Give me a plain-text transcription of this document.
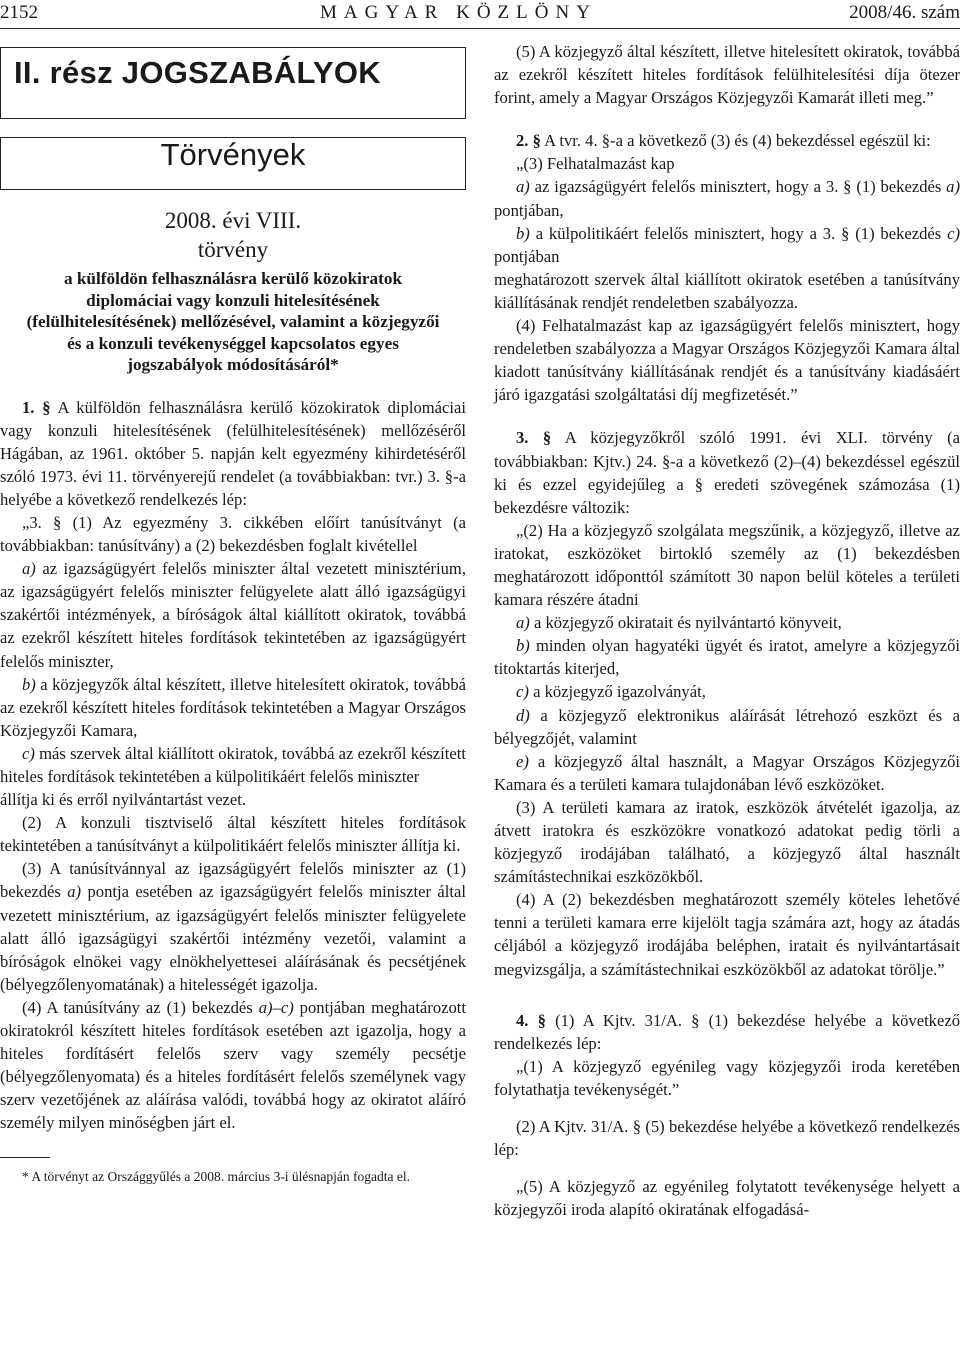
2152	MAGYAR KÖZLÖNY	2008/46. szám
II. rész JOGSZABÁLYOK
Törvények
2008. évi VIII.
törvény
a külföldön felhasználásra kerülő közokiratok diplomáciai vagy konzuli hitelesítésének (felülhitelesítésének) mellőzésével, valamint a közjegyzői és a konzuli tevékenységgel kapcsolatos egyes jogszabályok módosításáról*

1. § A külföldön felhasználásra kerülő közokiratok diplomáciai vagy konzuli hitelesítésének (felülhitelesítésének) mellőzéséről Hágában, az 1961. október 5. napján kelt egyezmény kihirdetéséről szóló 1973. évi 11. törvényerejű rendelet (a továbbiakban: tvr.) 3. §-a helyébe a következő rendelkezés lép:

„3. § (1) Az egyezmény 3. cikkében előírt tanúsítványt (a továbbiakban: tanúsítvány) a (2) bekezdésben foglalt kivétellel

a) az igazságügyért felelős miniszter által vezetett minisztérium, az igazságügyért felelős miniszter felügyelete alatt álló igazságügyi szakértői intézmények, a bíróságok által kiállított okiratok, továbbá az ezekről készített hiteles fordítások tekintetében az igazságügyért felelős miniszter,

b) a közjegyzők által készített, illetve hitelesített okiratok, továbbá az ezekről készített hiteles fordítások tekintetében a Magyar Országos Közjegyzői Kamara,

c) más szervek által kiállított okiratok, továbbá az ezekről készített hiteles fordítások tekintetében a külpolitikáért felelős miniszter

állítja ki és erről nyilvántartást vezet.

(2) A konzuli tisztviselő által készített hiteles fordítások tekintetében a tanúsítványt a külpolitikáért felelős miniszter állítja ki.

(3) A tanúsítvánnyal az igazságügyért felelős miniszter az (1) bekezdés a) pontja esetében az igazságügyért felelős miniszter által vezetett minisztérium, az igazságügyért felelős miniszter felügyelete alatt álló igazságügyi szakértői intézmény vezetői, valamint a bíróságok elnökei vagy elnökhelyettesei aláírásának és pecsétjének (bélyegzőlenyomatának) a hitelességét igazolja.

(4) A tanúsítvány az (1) bekezdés a)–c) pontjában meghatározott okiratokról készített hiteles fordítások esetében azt igazolja, hogy a hiteles fordításért felelős szerv vagy személy pecsétje (bélyegzőlenyomata) és a hiteles fordításért felelős személynek vagy szerv vezetőjének az aláírása valódi, továbbá hogy az okiratot aláíró személy milyen minőségben járt el.

* A törvényt az Országgyűlés a 2008. március 3-i ülésnapján fogadta el.

(5) A közjegyző által készített, illetve hitelesített okiratok, továbbá az ezekről készített hiteles fordítások felülhitelesítési díja ötezer forint, amely a Magyar Országos Közjegyzői Kamarát illeti meg.”

2. § A tvr. 4. §-a a következő (3) és (4) bekezdéssel egészül ki:

„(3) Felhatalmazást kap

a) az igazságügyért felelős minisztert, hogy a 3. § (1) bekezdés a) pontjában,

b) a külpolitikáért felelős minisztert, hogy a 3. § (1) bekezdés c) pontjában

meghatározott szervek által kiállított okiratok esetében a tanúsítvány kiállításának rendjét rendeletben szabályozza.

(4) Felhatalmazást kap az igazságügyért felelős minisztert, hogy rendeletben szabályozza a Magyar Országos Közjegyzői Kamara által kiadott tanúsítvány kiállításának rendjét és a tanúsítvány kiadásáért járó igazgatási szolgáltatási díj megfizetését.”

3. § A közjegyzőkről szóló 1991. évi XLI. törvény (a továbbiakban: Kjtv.) 24. §-a a következő (2)–(4) bekezdéssel egészül ki és ezzel egyidejűleg a § eredeti szövegének számozása (1) bekezdésre változik:

„(2) Ha a közjegyző szolgálata megszűnik, a közjegyző, illetve az iratokat, eszközöket birtokló személy az (1) bekezdésben meghatározott időponttól számított 30 napon belül köteles a területi kamara részére átadni

a) a közjegyző okiratait és nyilvántartó könyveit,

b) minden olyan hagyatéki ügyét és iratot, amelyre a közjegyzői titoktartás kiterjed,

c) a közjegyző igazolványát,

d) a közjegyző elektronikus aláírását létrehozó eszközt és a bélyegzőjét, valamint

e) a közjegyző által használt, a Magyar Országos Közjegyzői Kamara és a területi kamara tulajdonában lévő eszközöket.

(3) A területi kamara az iratok, eszközök átvételét igazolja, az átvett iratokra és eszközökre vonatkozó adatokat pedig törli a közjegyző irodájában található, a közjegyző által használt számítástechnikai eszközökből.

(4) A (2) bekezdésben meghatározott személy köteles lehetővé tenni a területi kamara erre kijelölt tagja számára azt, hogy az átadás céljából a közjegyző irodájába beléphen, iratait és nyilvántartásait megvizsgálja, a számítástechnikai eszközökből az adatokat törölje.”

4. § (1) A Kjtv. 31/A. § (1) bekezdése helyébe a következő rendelkezés lép:

„(1) A közjegyző egyénileg vagy közjegyzői iroda keretében folytathatja tevékenységét.”

(2) A Kjtv. 31/A. § (5) bekezdése helyébe a következő rendelkezés lép:

„(5) A közjegyző az egyénileg folytatott tevékenysége helyett a közjegyzői iroda alapító okiratának elfogadásá-
